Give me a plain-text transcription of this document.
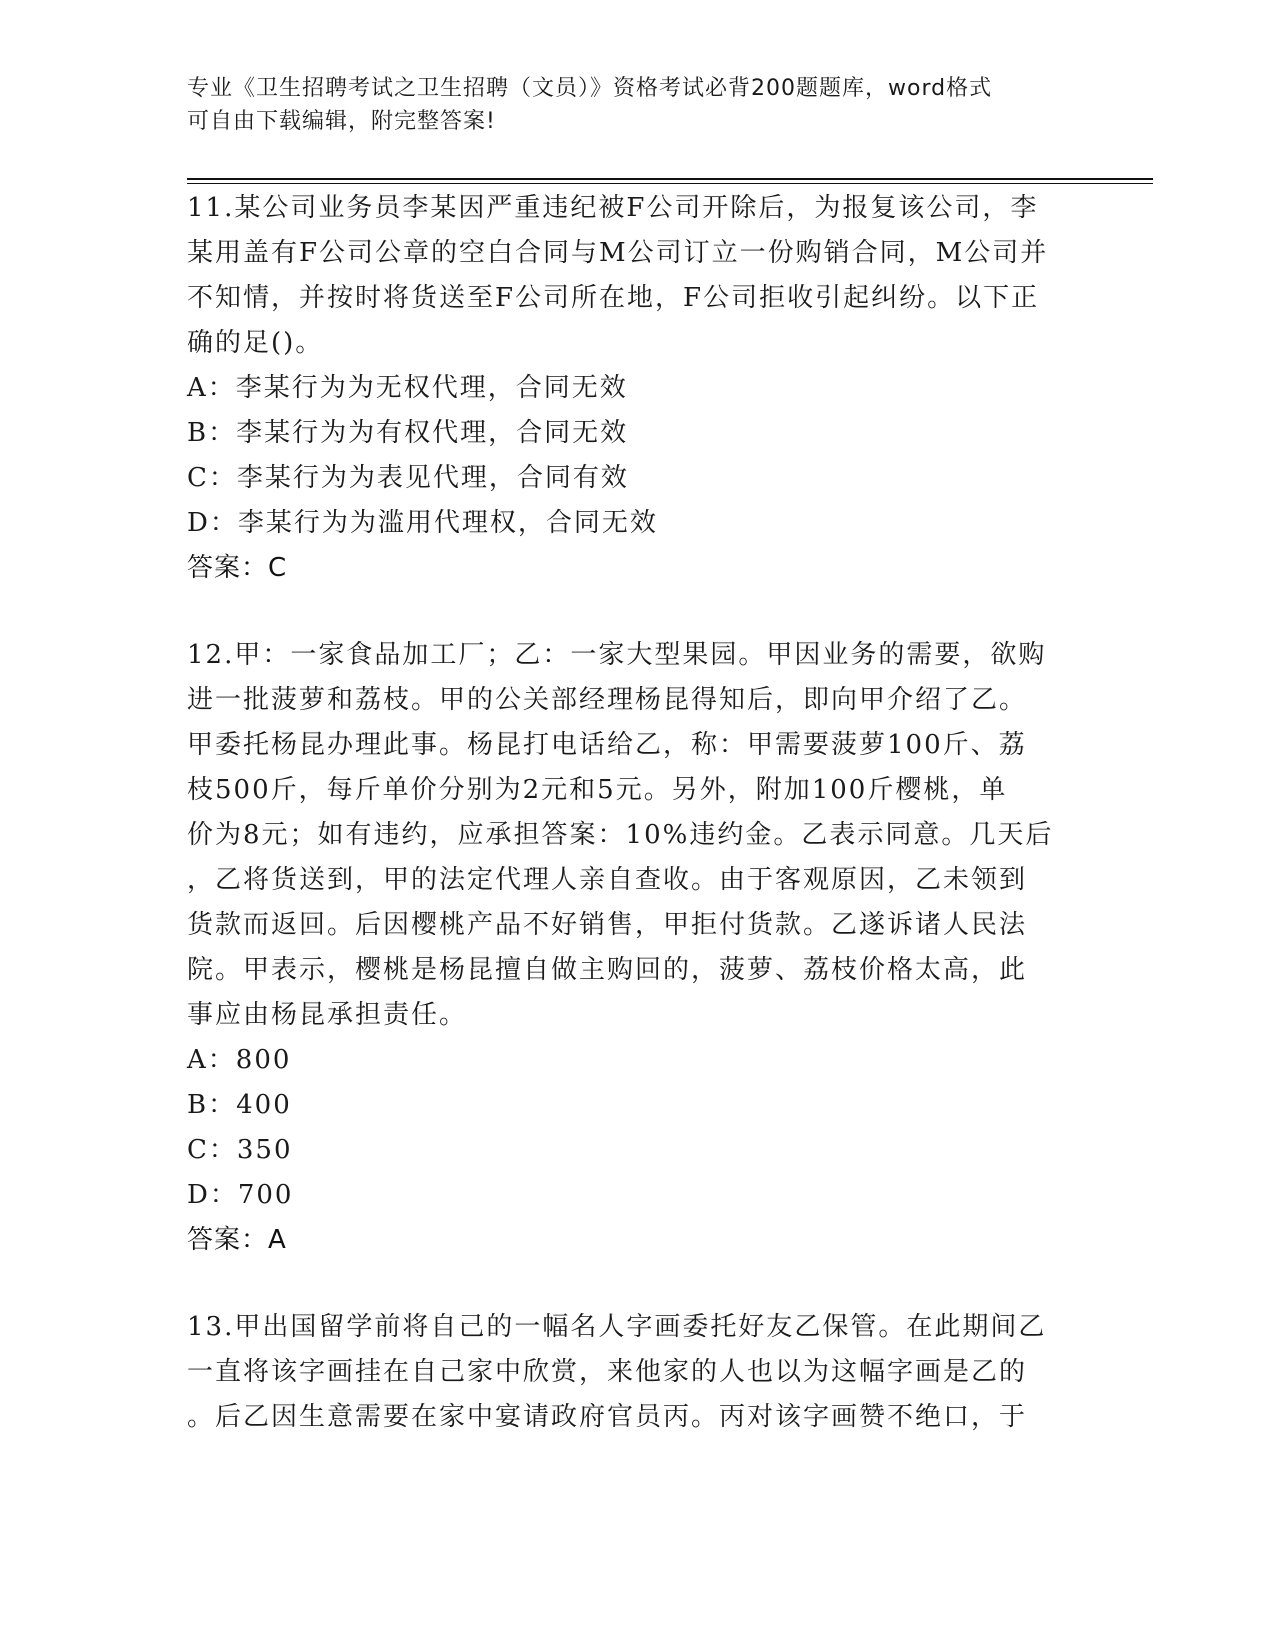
专业《卫生招聘考试之卫生招聘（文员）》资格考试必背200题题库，word格式
可自由下载编辑，附完整答案!
11.某公司业务员李某因严重违纪被F公司开除后，为报复该公司，李
某用盖有F公司公章的空白合同与M公司订立一份购销合同，M公司并
不知情，并按时将货送至F公司所在地，F公司拒收引起纠纷。以下正
确的足()。
A：李某行为为无权代理，合同无效
B：李某行为为有权代理，合同无效
C：李某行为为表见代理，合同有效
D：李某行为为滥用代理权，合同无效
答案：C
12.甲：一家食品加工厂；乙：一家大型果园。甲因业务的需要，欲购
进一批菠萝和荔枝。甲的公关部经理杨昆得知后，即向甲介绍了乙。
甲委托杨昆办理此事。杨昆打电话给乙，称：甲需要菠萝100斤、荔
枝500斤，每斤单价分别为2元和5元。另外，附加100斤樱桃，单
价为8元；如有违约，应承担答案：10%违约金。乙表示同意。几天后
，乙将货送到，甲的法定代理人亲自查收。由于客观原因，乙未领到
货款而返回。后因樱桃产品不好销售，甲拒付货款。乙遂诉诸人民法
院。甲表示，樱桃是杨昆擅自做主购回的，菠萝、荔枝价格太高，此
事应由杨昆承担责任。
A：800
B：400
C：350
D：700
答案：A
13.甲出国留学前将自己的一幅名人字画委托好友乙保管。在此期间乙
一直将该字画挂在自己家中欣赏，来他家的人也以为这幅字画是乙的
。后乙因生意需要在家中宴请政府官员丙。丙对该字画赞不绝口，于
